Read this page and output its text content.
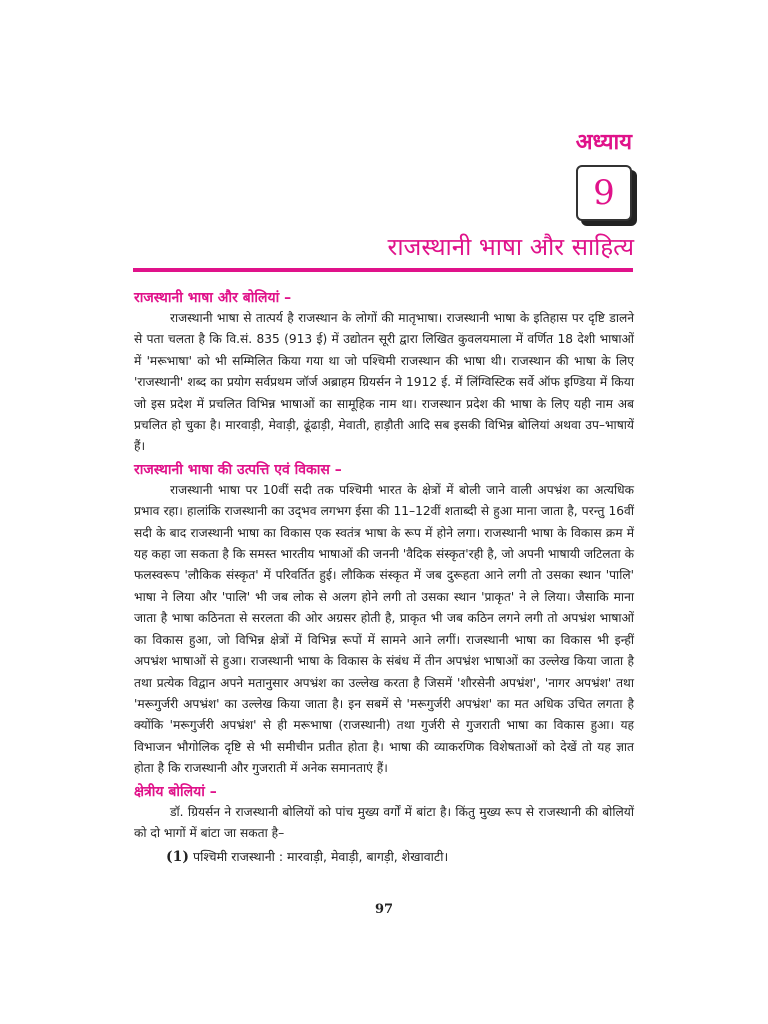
अध्याय
9
राजस्थानी भाषा और साहित्य
राजस्थानी भाषा और बोलियां –

राजस्थानी भाषा से तात्पर्य है राजस्थान के लोगों की मातृभाषा। राजस्थानी भाषा के इतिहास पर दृष्टि डालने से पता चलता है कि वि.सं. 835 (913 ई) में उद्योतन सूरी द्वारा लिखित कुवलयमाला में वर्णित 18 देशी भाषाओं में 'मरूभाषा' को भी सम्मिलित किया गया था जो पश्चिमी राजस्थान की भाषा थी। राजस्थान की भाषा के लिए 'राजस्थानी' शब्द का प्रयोग सर्वप्रथम जॉर्ज अब्राहम ग्रियर्सन ने 1912 ई. में लिंग्विस्टिक सर्वे ऑफ इण्डिया में किया जो इस प्रदेश में प्रचलित विभिन्न भाषाओं का सामूहिक नाम था। राजस्थान प्रदेश की भाषा के लिए यही नाम अब प्रचलित हो चुका है। मारवाड़ी, मेवाड़ी, ढूंढाड़ी, मेवाती, हाड़ौती आदि सब इसकी विभिन्न बोलियां अथवा उप–भाषायें हैं।

राजस्थानी भाषा की उत्पत्ति एवं विकास –

राजस्थानी भाषा पर 10वीं सदी तक पश्चिमी भारत के क्षेत्रों में बोली जाने वाली अपभ्रंश का अत्यधिक प्रभाव रहा। हालांकि राजस्थानी का उद्‌भव लगभग ईसा की 11–12वीं शताब्दी से हुआ माना जाता है, परन्तु 16वीं सदी के बाद राजस्थानी भाषा का विकास एक स्वतंत्र भाषा के रूप में होने लगा। राजस्थानी भाषा के विकास क्रम में यह कहा जा सकता है कि समस्त भारतीय भाषाओं की जननी 'वैदिक संस्कृत'रही है, जो अपनी भाषायी जटिलता के फलस्वरूप 'लौकिक संस्कृत' में परिवर्तित हुई। लौकिक संस्कृत में जब दुरूहता आने लगी तो उसका स्थान 'पालि' भाषा ने लिया और 'पालि' भी जब लोक से अलग होने लगी तो उसका स्थान 'प्राकृत' ने ले लिया। जैसाकि माना जाता है भाषा कठिनता से सरलता की ओर अग्रसर होती है, प्राकृत भी जब कठिन लगने लगी तो अपभ्रंश भाषाओं का विकास हुआ, जो विभिन्न क्षेत्रों में विभिन्न रूपों में सामने आने लगीं। राजस्थानी भाषा का विकास भी इन्हीं अपभ्रंश भाषाओं से हुआ। राजस्थानी भाषा के विकास के संबंध में तीन अपभ्रंश भाषाओं का उल्लेख किया जाता है तथा प्रत्येक विद्वान अपने मतानुसार अपभ्रंश का उल्लेख करता है जिसमें 'शौरसेनी अपभ्रंश', 'नागर अपभ्रंश' तथा 'मरूगुर्जरी अपभ्रंश' का उल्लेख किया जाता है। इन सबमें से 'मरूगुर्जरी अपभ्रंश' का मत अधिक उचित लगता है क्योंकि 'मरूगुर्जरी अपभ्रंश' से ही मरूभाषा (राजस्थानी) तथा गुर्जरी से गुजराती भाषा का विकास हुआ। यह विभाजन भौगोलिक दृष्टि से भी समीचीन प्रतीत होता है। भाषा की व्याकरणिक विशेषताओं को देखें तो यह ज्ञात होता है कि राजस्थानी और गुजराती में अनेक समानताएं हैं।

क्षेत्रीय बोलियां –

डॉ. ग्रियर्सन ने राजस्थानी बोलियों को पांच मुख्य वर्गों में बांटा है। किंतु मुख्य रूप से राजस्थानी की बोलियों को दो भागों में बांटा जा सकता है–

(1) पश्चिमी राजस्थानी : मारवाड़ी, मेवाड़ी, बागड़ी, शेखावाटी।
97
